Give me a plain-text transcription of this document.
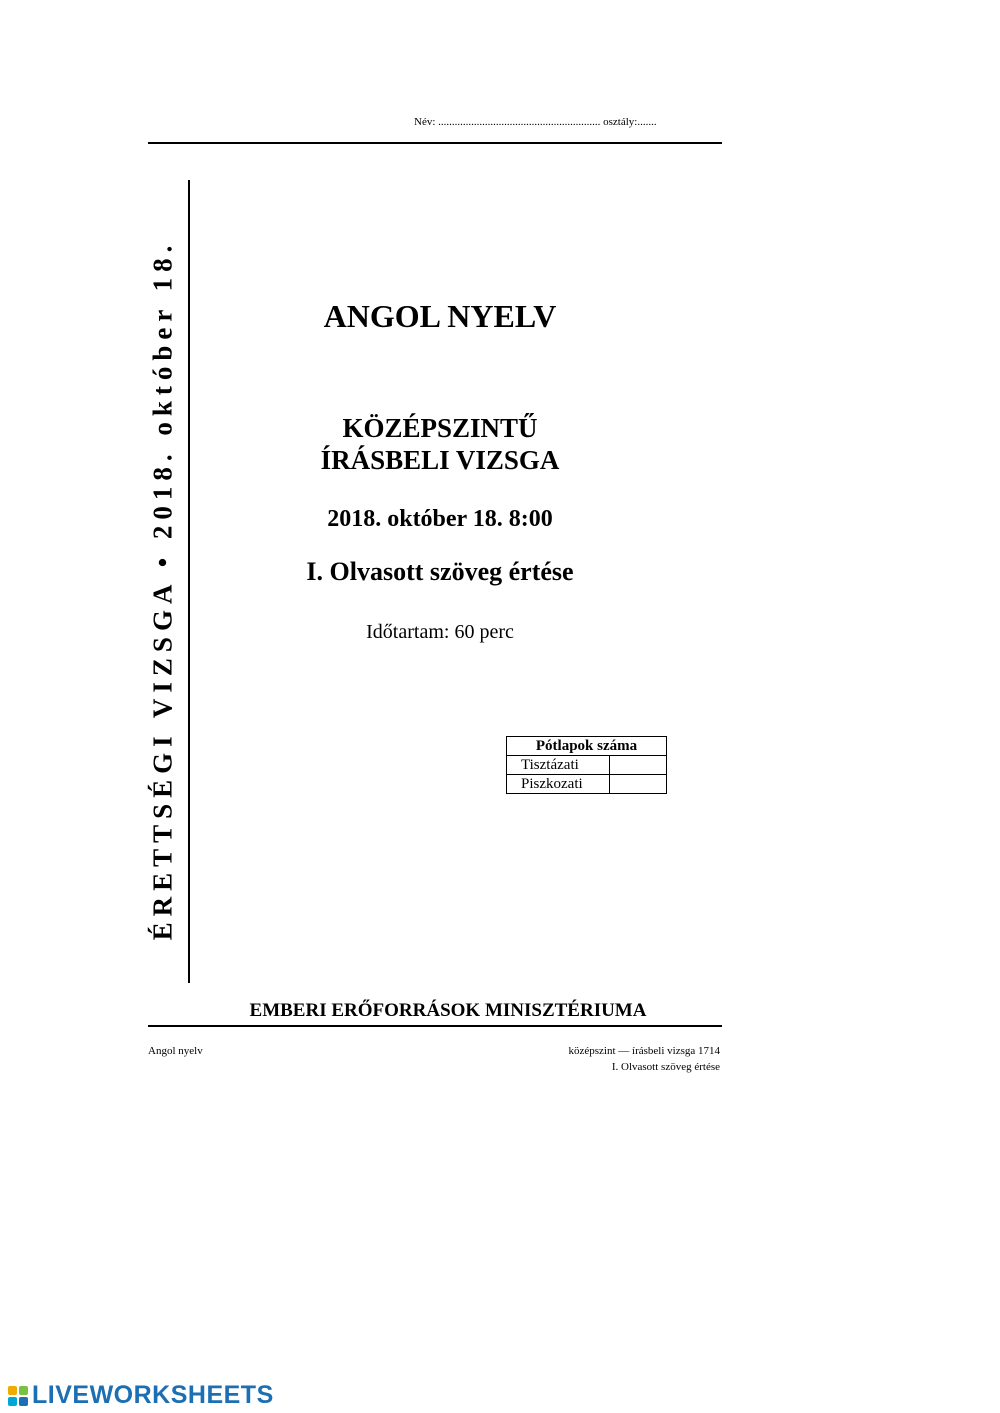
Név: ........................................................... osztály:.......
ÉRETTSÉGI VIZSGA • 2018. október 18.	ANGOL NYELV
KÖZÉPSZINTŰ
ÍRÁSBELI VIZSGA
2018. október 18. 8:00
I. Olvasott szöveg értése
Időtartam: 60 perc
Pótlapok száma	
Tisztázati	
Piszkozati	
EMBERI ERŐFORRÁSOK MINISZTÉRIUMA
Angol nyelv	középszint — írásbeli vizsga 1714
I. Olvasott szöveg értése
LIVEWORKSHEETS
